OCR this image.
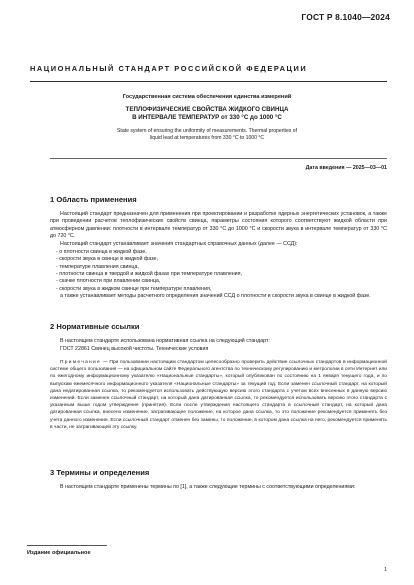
ГОСТ Р 8.1040—2024
НАЦИОНАЛЬНЫЙ СТАНДАРТ РОССИЙСКОЙ ФЕДЕРАЦИИ
Государственная система обеспечения единства измерений
ТЕПЛОФИЗИЧЕСКИЕ СВОЙСТВА ЖИДКОГО СВИНЦА
В ИНТЕРВАЛЕ ТЕМПЕРАТУР от 330 °С до 1000 °С
State system of ensuring the uniformity of measurements. Thermal properties of liquid lead at temperatures from 330 °С to 1000 °С
Дата введения — 2025—03—01
1 Область применения
Настоящий стандарт предназначен для применения при проектировании и разработке ядерных энергетических установок, а также при проведении расчетов теплофизических свойств свинца, параметры состояния которого соответствуют жидкой области при атмосферном давлении: плотности в интервале температур от 330 °С до 1000 °С и скорости звука в интервале температур от 330 °С до 720 °С.
Настоящий стандарт устанавливает значения стандартных справочных данных (далее — ССД):
- о плотности свинца в жидкой фазе,
- скорости звука в свинце в жидкой фазе,
- температуре плавления свинца,
- плотности свинца в твердой и жидкой фазах при температуре плавления,
- скачке плотности при плавлении свинца,
- скорости звука в жидком свинце при температуре плавления,
а также устанавливает методы расчетного определения значений ССД о плотности и скорости звука в свинце в жидкой фазе.
2 Нормативные ссылки
В настоящем стандарте использована нормативная ссылка на следующий стандарт:
ГОСТ 22861 Свинец высокой чистоты. Технические условия
Примечание — При пользовании настоящим стандартом целесообразно проверить действие ссылочных стандартов в информационной системе общего пользования — на официальном сайте Федерального агентства по техническому регулированию и метрологии в сети Интернет или по ежегодному информационному указателю «Национальные стандарты», который опубликован по состоянию на 1 января текущего года, и по выпускам ежемесячного информационного указателя «Национальные стандарты» за текущий год. Если заменен ссылочный стандарт, на который дана недатированная ссылка, то рекомендуется использовать действующую версию этого стандарта с учетом всех внесенных в данную версию изменений. Если заменен ссылочный стандарт, на который дана датированная ссылка, то рекомендуется использовать версию этого стандарта с указанным выше годом утверждения (принятия). Если после утверждения настоящего стандарта в ссылочный стандарт, на который дана датированная ссылка, внесено изменение, затрагивающее положение, на которое дана ссылка, то это положение рекомендуется применять без учета данного изменения. Если ссылочный стандарт отменен без замены, то положение, в котором дана ссылка на него, рекомендуется применять в части, не затрагивающей эту ссылку.
3 Термины и определения
В настоящем стандарте применены термины по [1], а также следующие термины с соответствующими определениями:
Издание официальное
1
